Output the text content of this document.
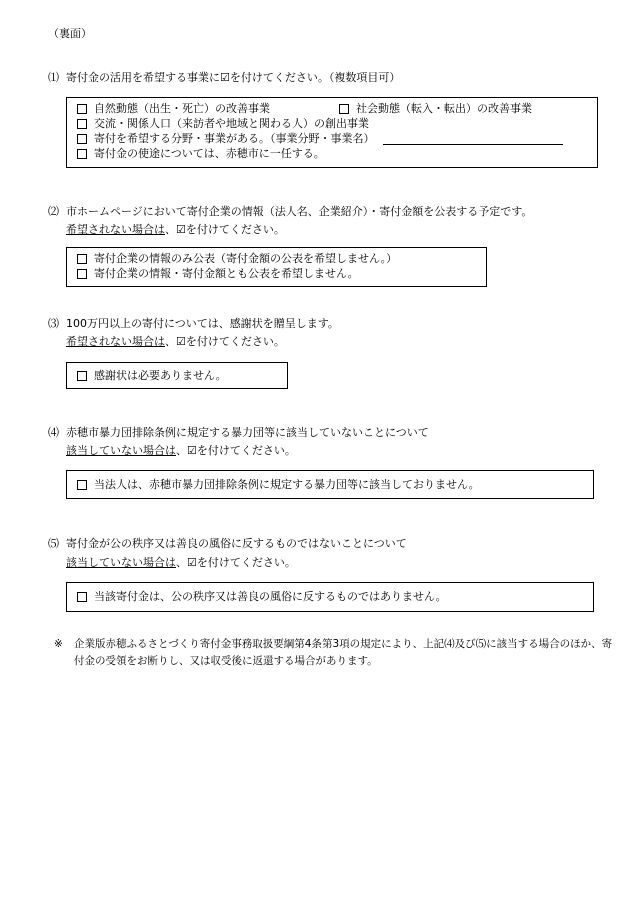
（裏面）
⑴ 寄付金の活用を希望する事業に☑を付けてください。（複数項目可）
自然動態（出生・死亡）の改善事業	社会動態（転入・転出）の改善事業
交流・関係人口（来訪者や地域と関わる人）の創出事業
寄付を希望する分野・事業がある。（事業分野・事業名）
寄付金の使途については、赤穂市に一任する。
⑵ 市ホームページにおいて寄付企業の情報（法人名、企業紹介）・寄付金額を公表する予定です。
希望されない場合は、☑を付けてください。
寄付企業の情報のみ公表（寄付金額の公表を希望しません。）
寄付企業の情報・寄付金額とも公表を希望しません。
⑶ 100万円以上の寄付については、感謝状を贈呈します。
希望されない場合は、☑を付けてください。
感謝状は必要ありません。
⑷ 赤穂市暴力団排除条例に規定する暴力団等に該当していないことについて
該当していない場合は、☑を付けてください。
当法人は、赤穂市暴力団排除条例に規定する暴力団等に該当しておりません。
⑸ 寄付金が公の秩序又は善良の風俗に反するものではないことについて
該当していない場合は、☑を付けてください。
当該寄付金は、公の秩序又は善良の風俗に反するものではありません。
※ 企業版赤穂ふるさとづくり寄付金事務取扱要綱第4条第3項の規定により、上記⑷及び⑸に該当する場合のほか、寄付金の受領をお断りし、又は収受後に返還する場合があります。
